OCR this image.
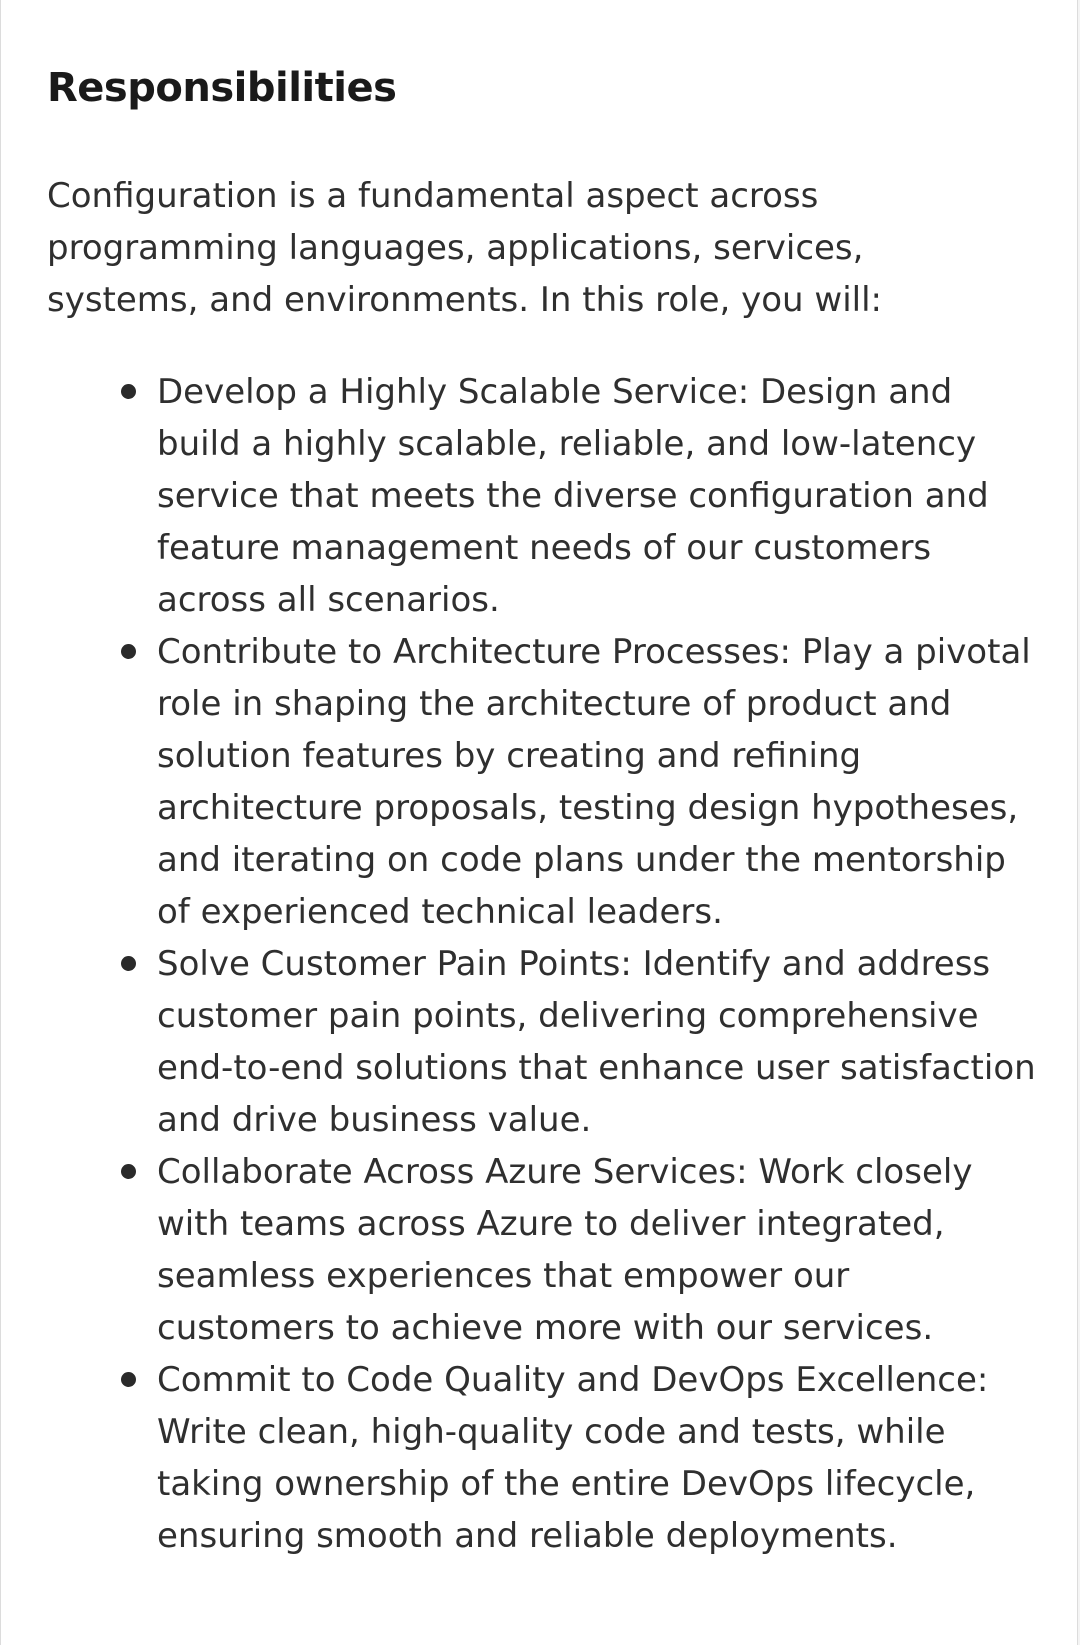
Responsibilities

Configuration is a fundamental aspect across programming languages, applications, services, systems, and environments. In this role, you will:

Develop a Highly Scalable Service: Design and build a highly scalable, reliable, and low-latency service that meets the diverse configuration and feature management needs of our customers across all scenarios.
Contribute to Architecture Processes: Play a pivotal role in shaping the architecture of product and solution features by creating and refining architecture proposals, testing design hypotheses, and iterating on code plans under the mentorship of experienced technical leaders.
Solve Customer Pain Points: Identify and address customer pain points, delivering comprehensive end-to-end solutions that enhance user satisfaction and drive business value.
Collaborate Across Azure Services: Work closely with teams across Azure to deliver integrated, seamless experiences that empower our customers to achieve more with our services.
Commit to Code Quality and DevOps Excellence: Write clean, high-quality code and tests, while taking ownership of the entire DevOps lifecycle, ensuring smooth and reliable deployments.
